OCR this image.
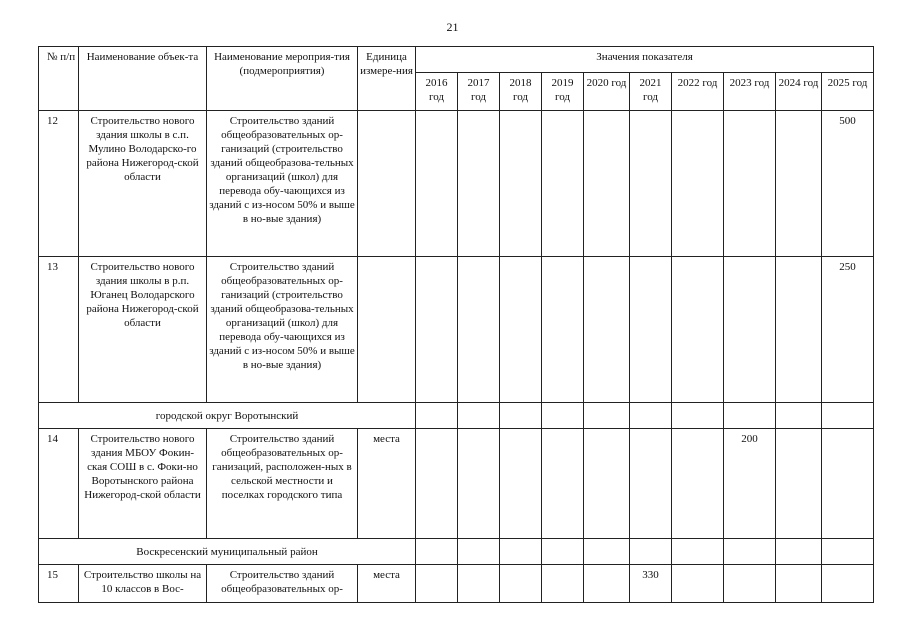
21
№ п/п	Наименование объек-та	Наименование мероприя-тия (подмероприятия)	Единица измере-ния	Значения показателя									
				2016 год	2017 год	2018 год	2019 год	2020 год	2021 год	2022 год	2023 год	2024 год	2025 год
12	Строительство нового здания школы в с.п. Мулино Володарско-го района Нижегород-ской области	Строительство зданий общеобразовательных ор-ганизаций (строительство зданий общеобразова-тельных организаций (школ) для перевода обу-чающихся из зданий с из-носом 50% и выше в но-вые здания)											500
13	Строительство нового здания школы в р.п. Юганец Володарского района Нижегород-ской области	Строительство зданий общеобразовательных ор-ганизаций (строительство зданий общеобразова-тельных организаций (школ) для перевода обу-чающихся из зданий с из-носом 50% и выше в но-вые здания)											250
городской округ Воротынский													
14	Строительство нового здания МБОУ Фокин-ская СОШ в с. Фоки-но Воротынского района Нижегород-ской области	Строительство зданий общеобразовательных ор-ганизаций, расположен-ных в сельской местности и поселках городского типа	места								200		
Воскресенский муниципальный район													
15	Строительство школы на 10 классов в Вос-	Строительство зданий общеобразовательных ор-	места						330				
